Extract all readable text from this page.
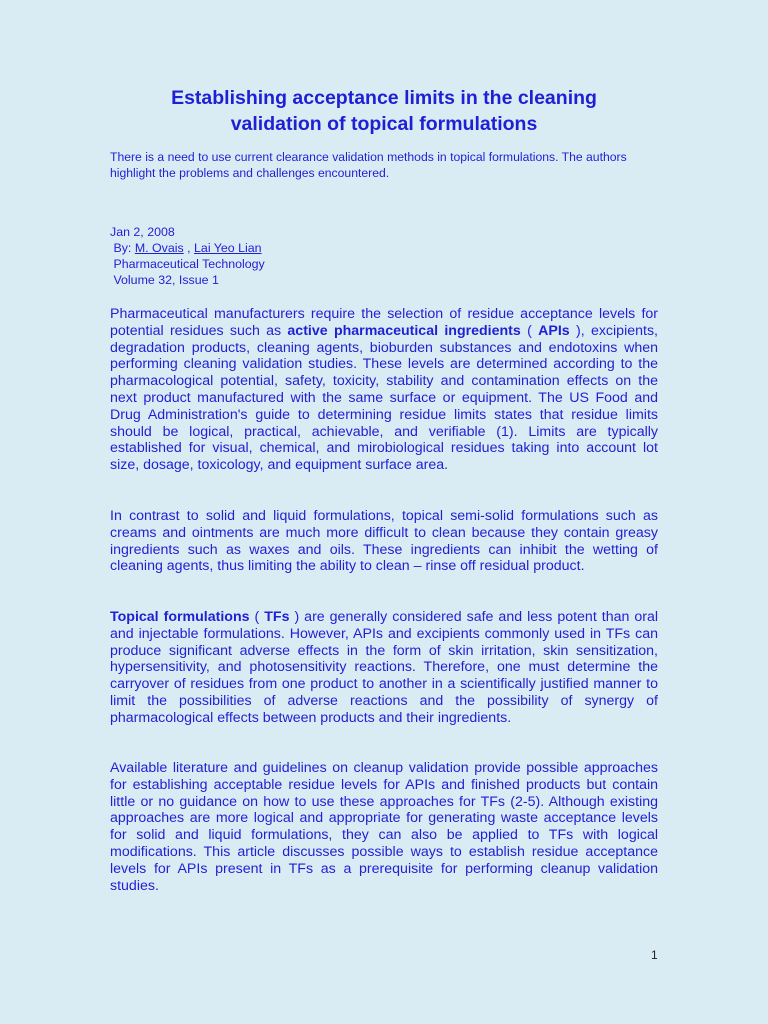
Establishing acceptance limits in the cleaning
validation of topical formulations
There is a need to use current clearance validation methods in topical formulations. The authors highlight the problems and challenges encountered.
Jan 2, 2008
By: M. Ovais , Lai Yeo Lian
Pharmaceutical Technology
Volume 32, Issue 1

Pharmaceutical manufacturers require the selection of residue acceptance levels for potential residues such as active pharmaceutical ingredients ( APIs ), excipients, degradation products, cleaning agents, bioburden substances and endotoxins when performing cleaning validation studies. These levels are determined according to the pharmacological potential, safety, toxicity, stability and contamination effects on the next product manufactured with the same surface or equipment. The US Food and Drug Administration's guide to determining residue limits states that residue limits should be logical, practical, achievable, and verifiable (1). Limits are typically established for visual, chemical, and mirobiological residues taking into account lot size, dosage, toxicology, and equipment surface area.

In contrast to solid and liquid formulations, topical semi-solid formulations such as creams and ointments are much more difficult to clean because they contain greasy ingredients such as waxes and oils. These ingredients can inhibit the wetting of cleaning agents, thus limiting the ability to clean – rinse off residual product.

Topical formulations ( TFs ) are generally considered safe and less potent than oral and injectable formulations. However, APIs and excipients commonly used in TFs can produce significant adverse effects in the form of skin irritation, skin sensitization, hypersensitivity, and photosensitivity reactions. Therefore, one must determine the carryover of residues from one product to another in a scientifically justified manner to limit the possibilities of adverse reactions and the possibility of synergy of pharmacological effects between products and their ingredients.

Available literature and guidelines on cleanup validation provide possible approaches for establishing acceptable residue levels for APIs and finished products but contain little or no guidance on how to use these approaches for TFs (2-5). Although existing approaches are more logical and appropriate for generating waste acceptance levels for solid and liquid formulations, they can also be applied to TFs with logical modifications. This article discusses possible ways to establish residue acceptance levels for APIs present in TFs as a prerequisite for performing cleanup validation studies.

1
